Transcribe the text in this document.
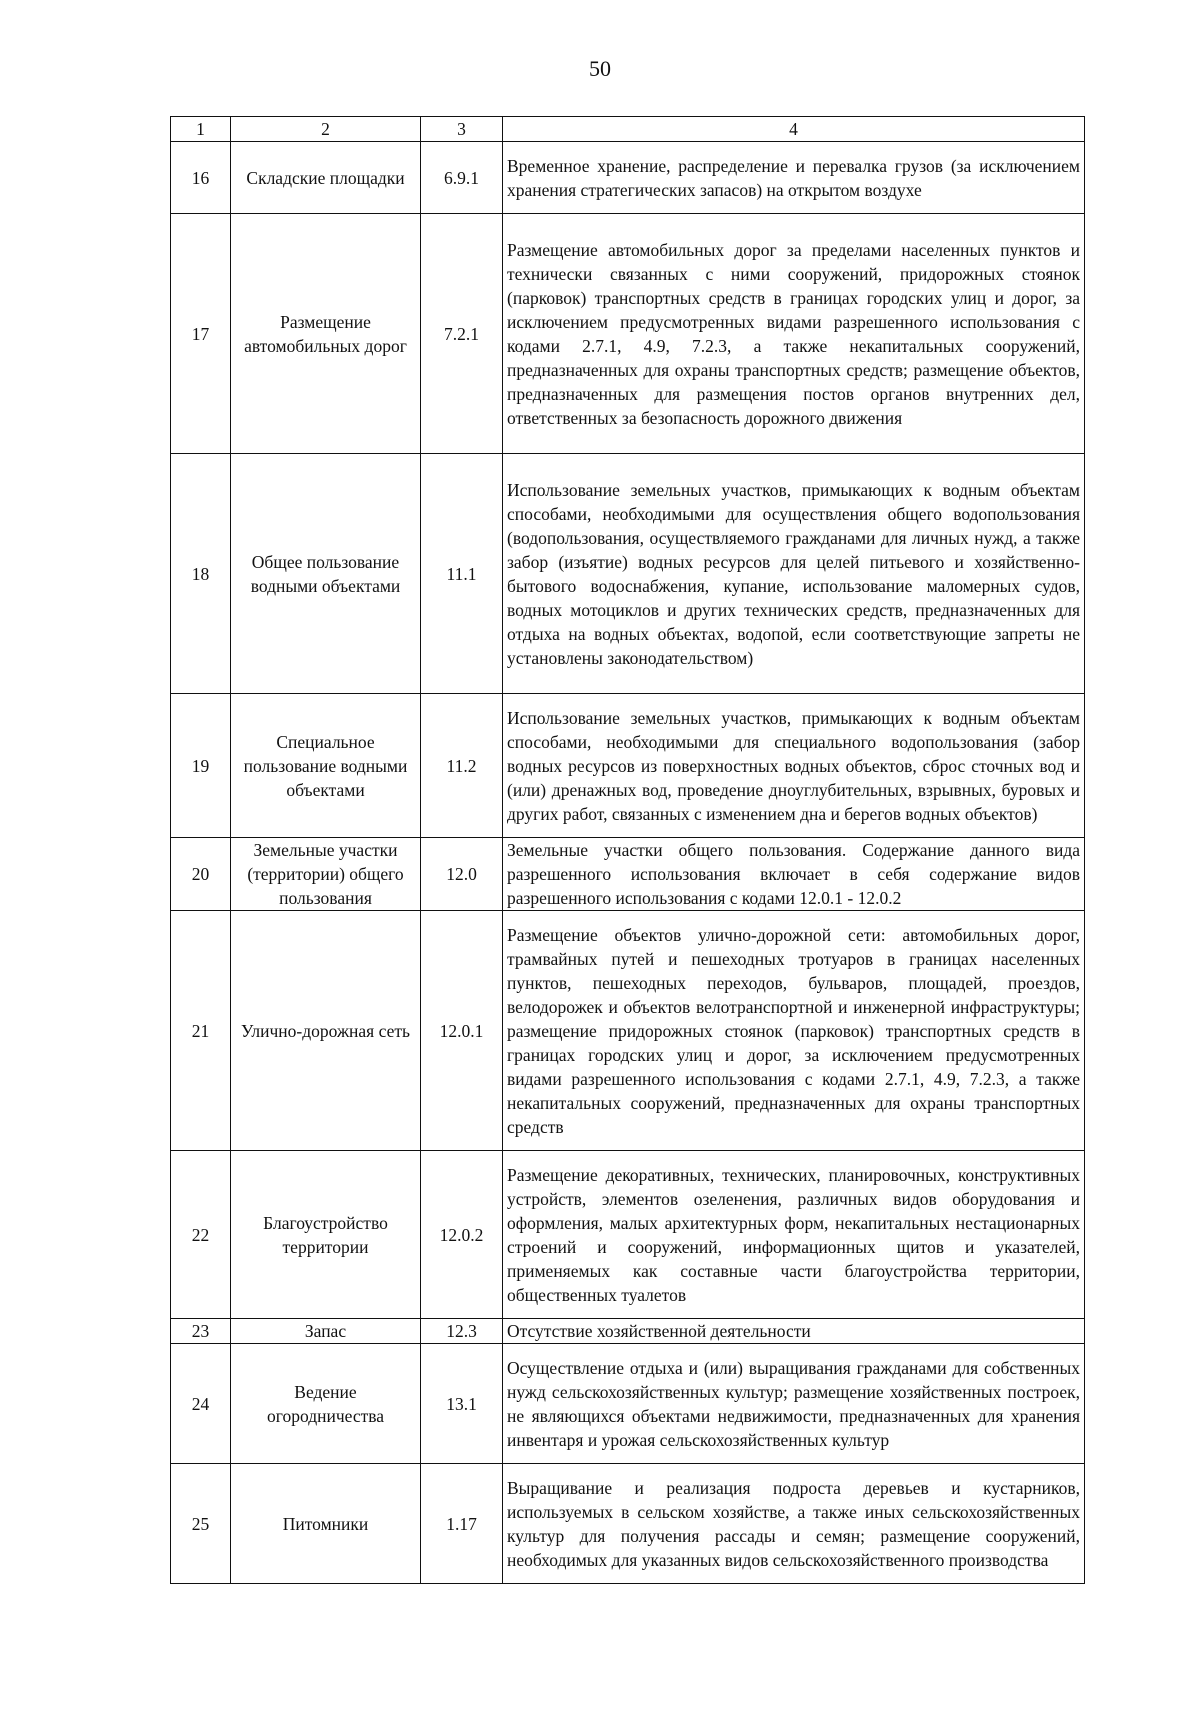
50
1	2	3	4
16	Складские площадки	6.9.1	Временное хранение, распределение и перевалка грузов (за исключением хранения стратегических запасов) на открытом воздухе
17	Размещение автомобильных дорог	7.2.1	Размещение автомобильных дорог за пределами населенных пунктов и технически связанных с ними сооружений, придорожных стоянок (парковок) транспортных средств в границах городских улиц и дорог, за исключением предусмотренных видами разрешенного использования с кодами 2.7.1, 4.9, 7.2.3, а также некапитальных сооружений, предназначенных для охраны транспортных средств; размещение объектов, предназначенных для размещения постов органов внутренних дел, ответственных за безопасность дорожного движения
18	Общее пользование водными объектами	11.1	Использование земельных участков, примыкающих к водным объектам способами, необходимыми для осуществления общего водопользования (водопользования, осуществляемого гражданами для личных нужд, а также забор (изъятие) водных ресурсов для целей питьевого и хозяйственно-бытового водоснабжения, купание, использование маломерных судов, водных мотоциклов и других технических средств, предназначенных для отдыха на водных объектах, водопой, если соответствующие запреты не установлены законодательством)
19	Специальное пользование водными объектами	11.2	Использование земельных участков, примыкающих к водным объектам способами, необходимыми для специального водопользования (забор водных ресурсов из поверхностных водных объектов, сброс сточных вод и (или) дренажных вод, проведение дноуглубительных, взрывных, буровых и других работ, связанных с изменением дна и берегов водных объектов)
20	Земельные участки (территории) общего пользования	12.0	Земельные участки общего пользования. Содержание данного вида разрешенного использования включает в себя содержание видов разрешенного использования с кодами 12.0.1 - 12.0.2
21	Улично-дорожная сеть	12.0.1	Размещение объектов улично-дорожной сети: автомобильных дорог, трамвайных путей и пешеходных тротуаров в границах населенных пунктов, пешеходных переходов, бульваров, площадей, проездов, велодорожек и объектов велотранспортной и инженерной инфраструктуры; размещение придорожных стоянок (парковок) транспортных средств в границах городских улиц и дорог, за исключением предусмотренных видами разрешенного использования с кодами 2.7.1, 4.9, 7.2.3, а также некапитальных сооружений, предназначенных для охраны транспортных средств
22	Благоустройство территории	12.0.2	Размещение декоративных, технических, планировочных, конструктивных устройств, элементов озеленения, различных видов оборудования и оформления, малых архитектурных форм, некапитальных нестационарных строений и сооружений, информационных щитов и указателей, применяемых как составные части благоустройства территории, общественных туалетов
23	Запас	12.3	Отсутствие хозяйственной деятельности
24	Ведение огородничества	13.1	Осуществление отдыха и (или) выращивания гражданами для собственных нужд сельскохозяйственных культур; размещение хозяйственных построек, не являющихся объектами недвижимости, предназначенных для хранения инвентаря и урожая сельскохозяйственных культур
25	Питомники	1.17	Выращивание и реализация подроста деревьев и кустарников, используемых в сельском хозяйстве, а также иных сельскохозяйственных культур для получения рассады и семян; размещение сооружений, необходимых для указанных видов сельскохозяйственного производства
